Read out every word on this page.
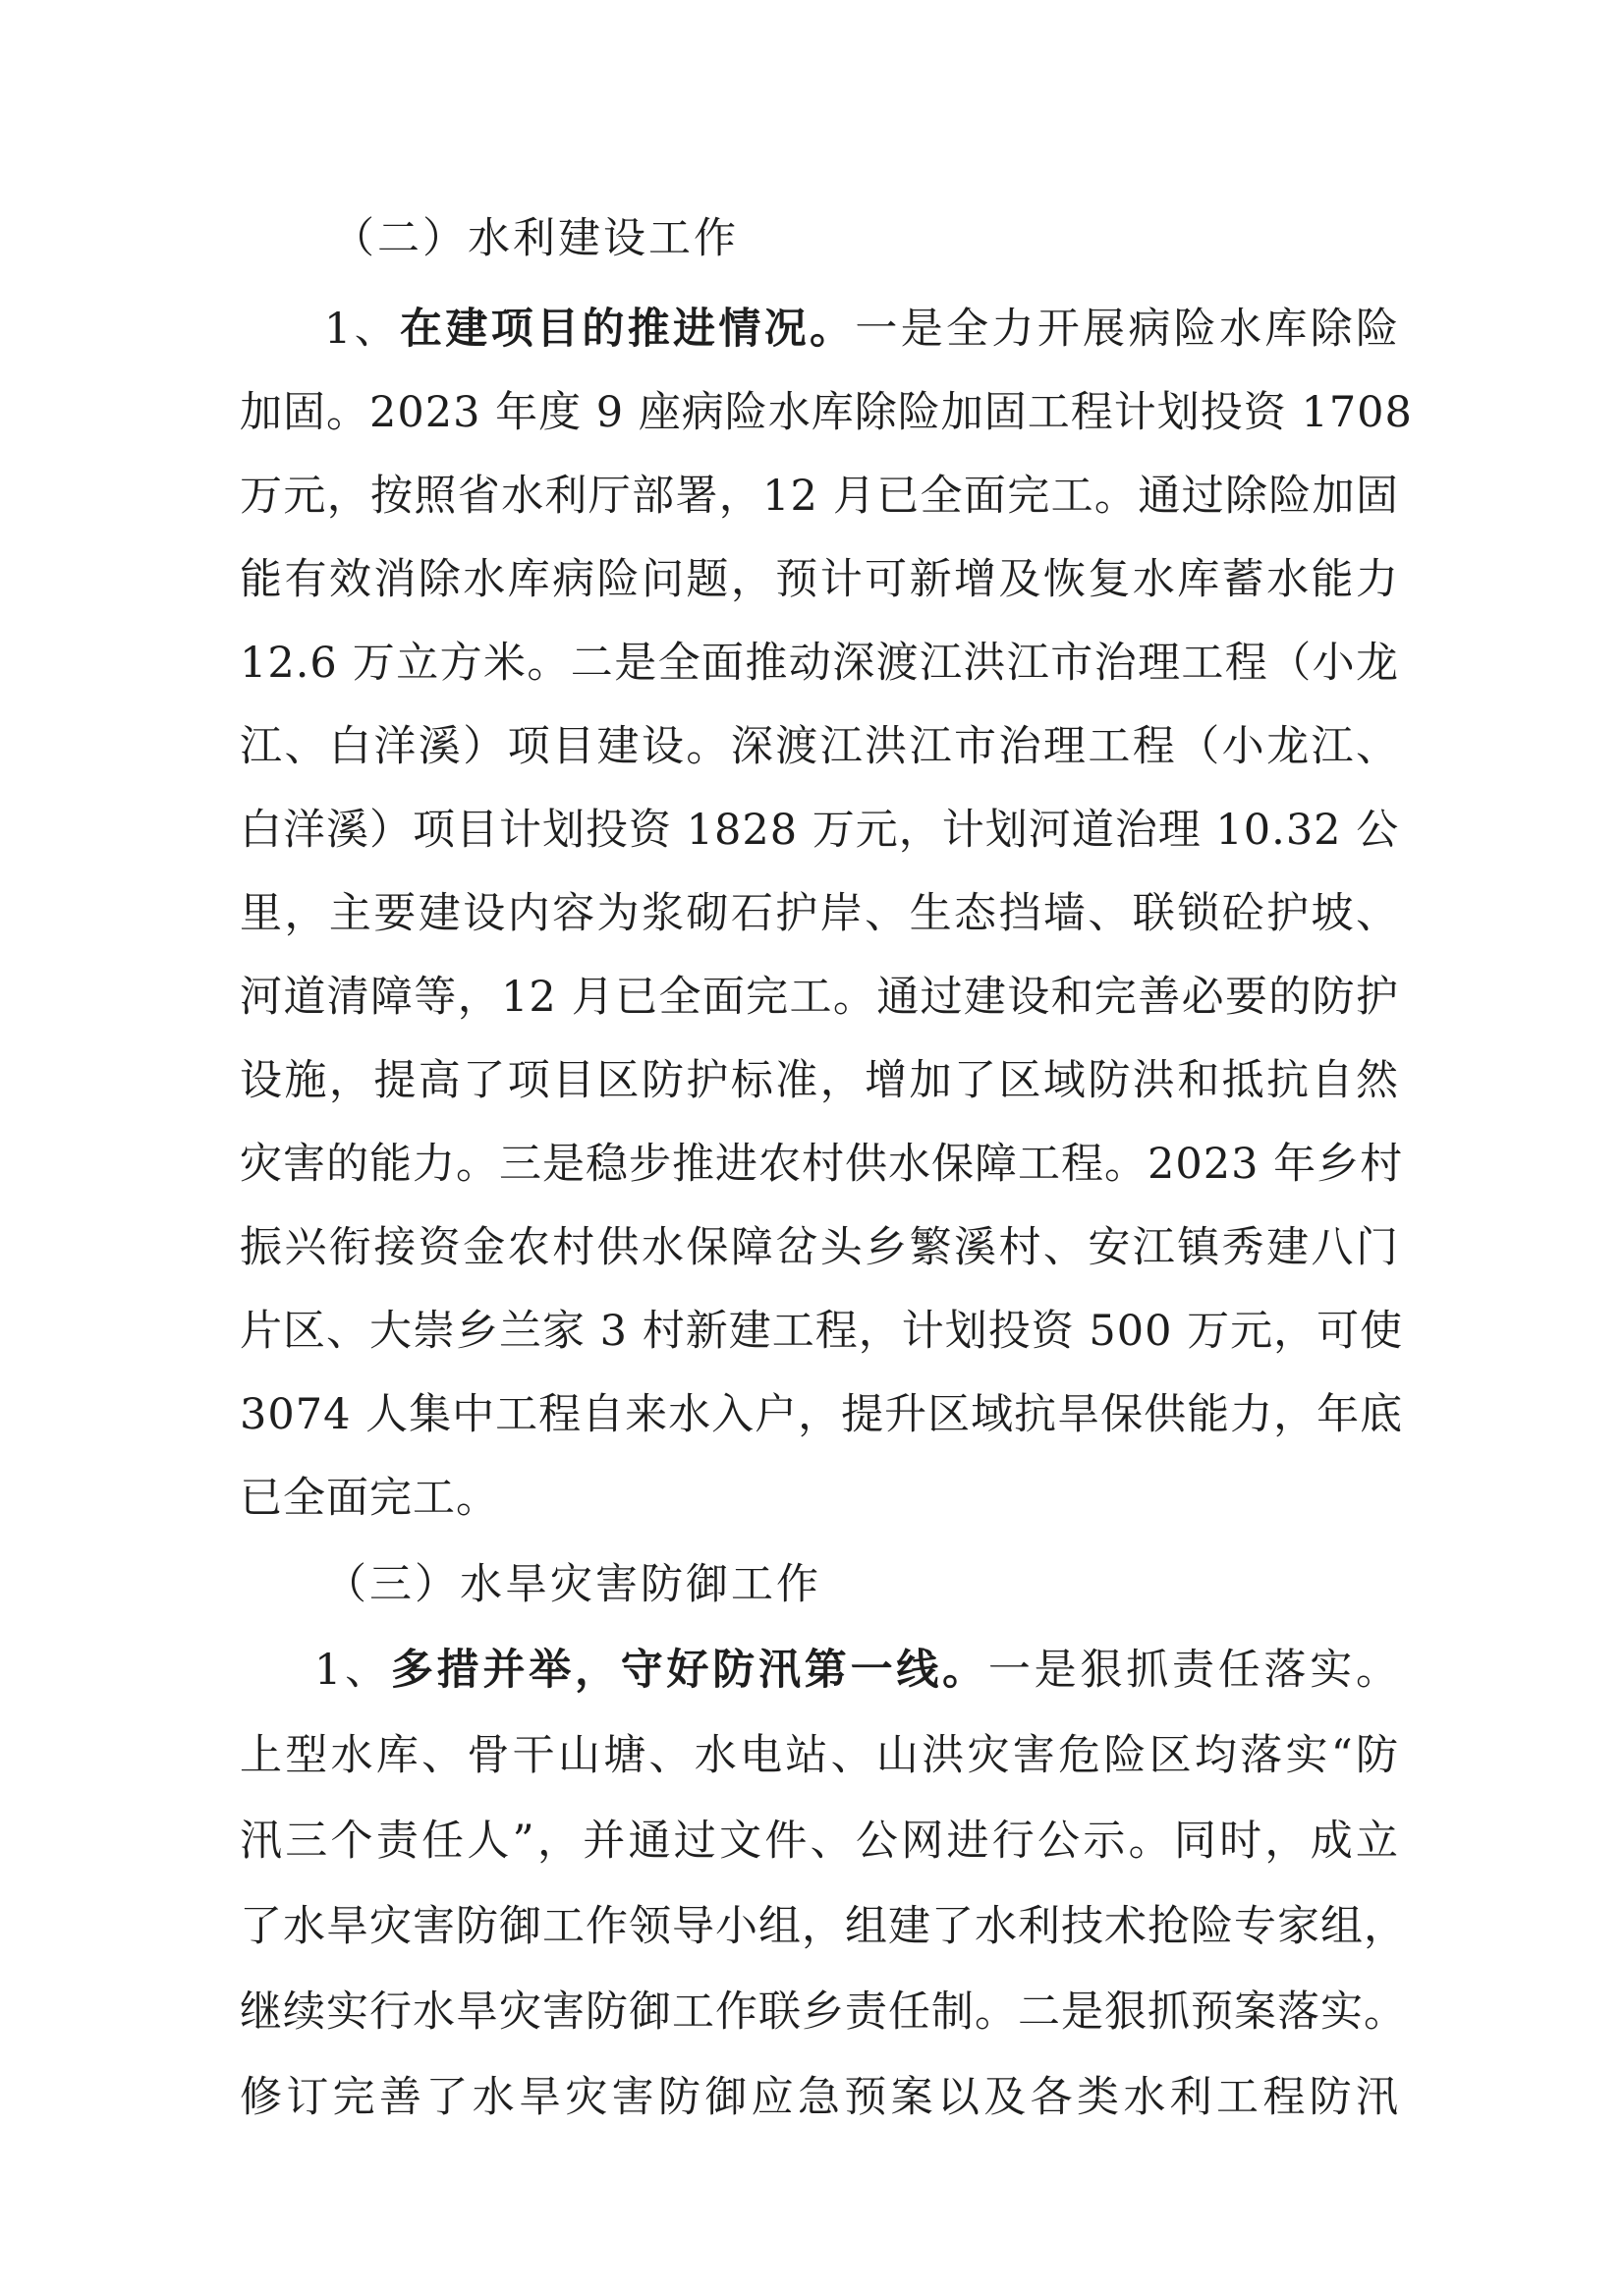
（二）水利建设工作
1、在建项目的推进情况。一是全力开展病险水库除险
加固。2023 年度 9 座病险水库除险加固工程计划投资 1708
万元，按照省水利厅部署，12 月已全面完工。通过除险加固
能有效消除水库病险问题，预计可新增及恢复水库蓄水能力
12.6 万立方米。二是全面推动深渡江洪江市治理工程（小龙
江、白洋溪）项目建设。深渡江洪江市治理工程（小龙江、
白洋溪）项目计划投资 1828 万元，计划河道治理 10.32 公
里，主要建设内容为浆砌石护岸、生态挡墙、联锁砼护坡、
河道清障等，12 月已全面完工。通过建设和完善必要的防护
设施，提高了项目区防护标准，增加了区域防洪和抵抗自然
灾害的能力。三是稳步推进农村供水保障工程。2023 年乡村
振兴衔接资金农村供水保障岔头乡繁溪村、安江镇秀建八门
片区、大崇乡兰家 3 村新建工程，计划投资 500 万元，可使
3074 人集中工程自来水入户，提升区域抗旱保供能力，年底
已全面完工。
（三）水旱灾害防御工作
1、多措并举，守好防汛第一线。一是狠抓责任落实。
上型水库、骨干山塘、水电站、山洪灾害危险区均落实“防
汛三个责任人”，并通过文件、公网进行公示。同时，成立
了水旱灾害防御工作领导小组，组建了水利技术抢险专家组，
继续实行水旱灾害防御工作联乡责任制。二是狠抓预案落实。
修订完善了水旱灾害防御应急预案以及各类水利工程防汛
